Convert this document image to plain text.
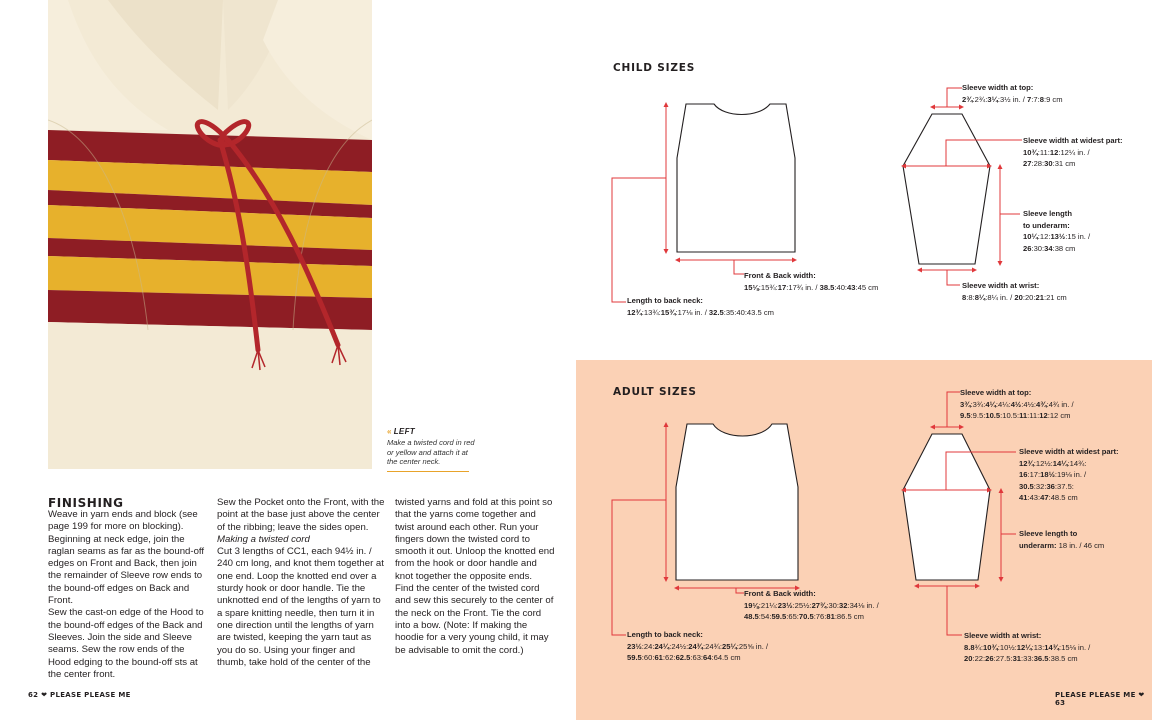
« LEFT
Make a twisted cord in red or yellow and attach it at the center neck.
FINISHING

Weave in yarn ends and block (see page 199 for more on blocking).

Beginning at neck edge, join the raglan seams as far as the bound-off edges on Front and Back, then join the remainder of Sleeve row ends to the bound-off edges on Back and Front.

Sew the cast-on edge of the Hood to the bound-off edges of the Back and Sleeves. Join the side and Sleeve seams. Sew the row ends of the Hood edging to the bound-off sts at the center front.

Sew the Pocket onto the Front, with the point at the base just above the center of the ribbing; leave the sides open.

Making a twisted cord

Cut 3 lengths of CC1, each 94½ in. / 240 cm long, and knot them together at one end. Loop the knotted end over a sturdy hook or door handle. Tie the unknotted end of the lengths of yarn to a spare knitting needle, then turn it in one direction until the lengths of yarn are twisted, keeping the yarn taut as you do so. Using your finger and thumb, take hold of the center of the

twisted yarns and fold at this point so that the yarns come together and twist around each other. Run your fingers down the twisted cord to smooth it out. Unloop the knotted end from the hook or door handle and knot together the opposite ends.

Find the center of the twisted cord and sew this securely to the center of the neck on the Front. Tie the cord into a bow. (Note: If making the hoodie for a very young child, it may be advisable to omit the cord.)

62 ❤ PLEASE PLEASE ME
CHILD SIZES
ADULT SIZES
Front & Back width:
15⅛:15¾:17:17¾ in. / 38.5:40:43:45 cm
Length to back neck:
12¾:13¾:15¾:17⅛ in. / 32.5:35:40:43.5 cm
Sleeve width at top:
2¾:2¾:3¼:3½ in. / 7:7:8:9 cm
Sleeve width at widest part:
10¾:11:12:12¼ in. /
27:28:30:31 cm
Sleeve length
to underarm:
10¼:12:13½:15 in. /
26:30:34:38 cm
Sleeve width at wrist:
8:8:8¼:8¼ in. / 20:20:21:21 cm
Front & Back width:
19⅛:21¼:23½:25½:27¾:30:32:34⅛ in. /
48.5:54:59.5:65:70.5:76:81:86.5 cm
Length to back neck:
23½:24:24¼:24½:24¾:24¾:25¼:25⅝ in. /
59.5:60:61:62:62.5:63:64:64.5 cm
Sleeve width at top:
3¾:3¾:4¼:4¼:4½:4½:4¾:4¾ in. /
9.5:9.5:10.5:10.5:11:11:12:12 cm
Sleeve width at widest part:
12¾:12½:14¼:14¾:
16:17:18½:19⅛ in. /
30.5:32:36:37.5:
41:43:47:48.5 cm
Sleeve length to
underarm: 18 in. / 46 cm
Sleeve width at wrist:
8.8¾:10¾:10½:12¼:13:14¾:15⅛ in. /
20:22:26:27.5:31:33:36.5:38.5 cm
PLEASE PLEASE ME ❤ 63
